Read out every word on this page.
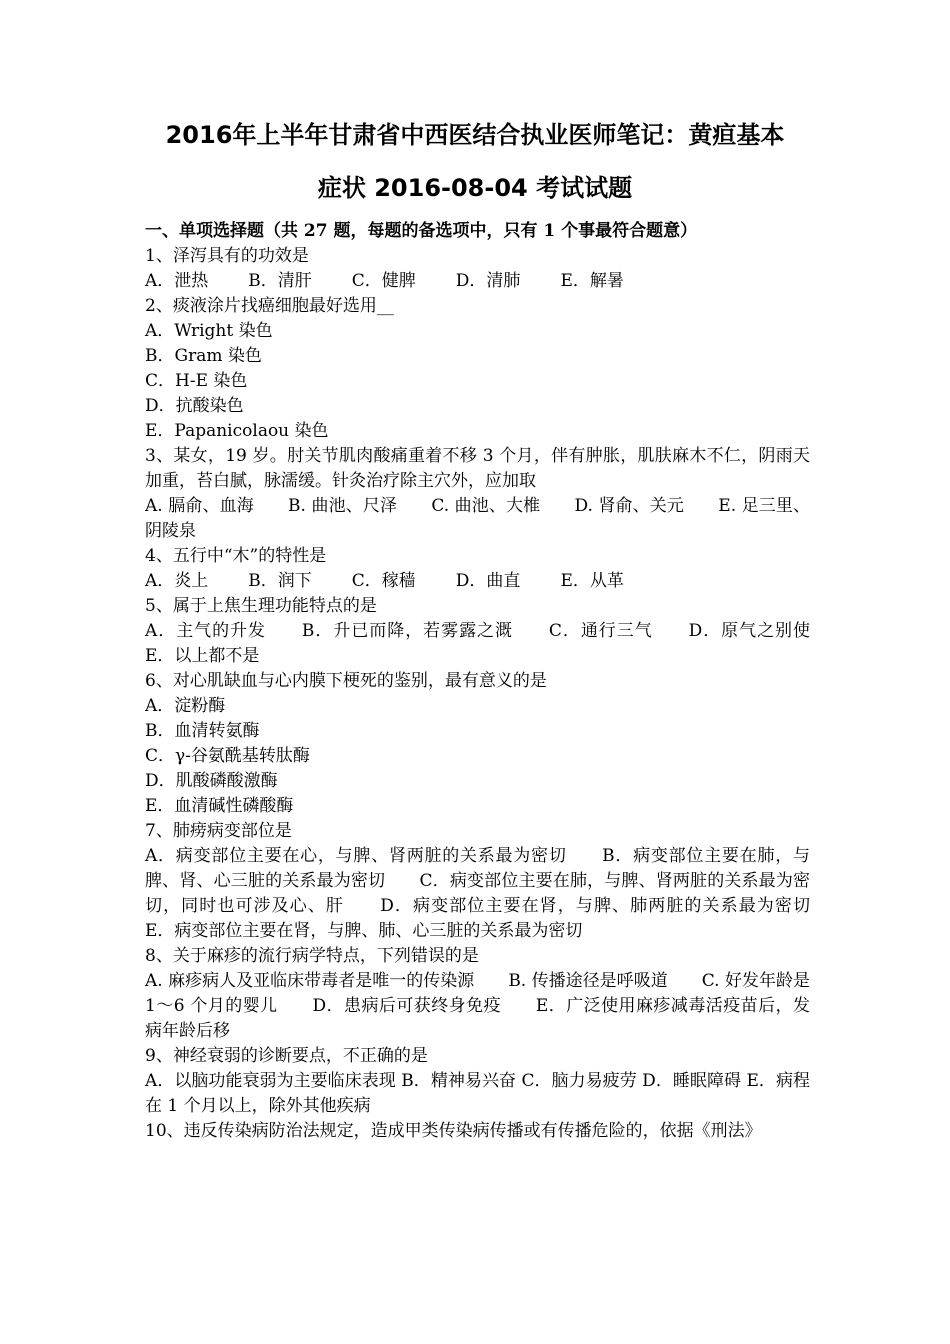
2016年上半年甘肃省中西医结合执业医师笔记：黄疸基本
症状 2016-08-04 考试试题
一、单项选择题（共 27 题，每题的备选项中，只有 1 个事最符合题意）
1、泽泻具有的功效是
A．泄热 B．清肝 C．健脾 D．清肺 E．解暑
2、痰液涂片找癌细胞最好选用__
A．Wright 染色
B．Gram 染色
C．H-E 染色
D．抗酸染色
E．Papanicolaou 染色
3、某女，19 岁。肘关节肌肉酸痛重着不移 3 个月，伴有肿胀，肌肤麻木不仁，阴雨天加重，苔白腻，脉濡缓。针灸治疗除主穴外，应加取
A. 膈俞、血海　　B. 曲池、尺泽　　C. 曲池、大椎　　D. 肾俞、关元　　E. 足三里、阴陵泉
4、五行中“木”的特性是
A．炎上 B．润下 C．稼穑 D．曲直 E．从革
5、属于上焦生理功能特点的是
A．主气的升发　　B．升已而降，若雾露之溉　　C．通行三气　　D．原气之别使　　E．以上都不是
6、对心肌缺血与心内膜下梗死的鉴别，最有意义的是
A．淀粉酶
B．血清转氨酶
C．γ-谷氨酰基转肽酶
D．肌酸磷酸激酶
E．血清碱性磷酸酶
7、肺痨病变部位是
A．病变部位主要在心，与脾、肾两脏的关系最为密切　　B．病变部位主要在肺，与脾、肾、心三脏的关系最为密切　　C．病变部位主要在肺，与脾、肾两脏的关系最为密切，同时也可涉及心、肝　　D．病变部位主要在肾，与脾、肺两脏的关系最为密切　　E．病变部位主要在肾，与脾、肺、心三脏的关系最为密切
8、关于麻疹的流行病学特点，下列错误的是
A. 麻疹病人及亚临床带毒者是唯一的传染源　　B. 传播途径是呼吸道　　C. 好发年龄是 1～6 个月的婴儿　　D．患病后可获终身免疫　　E．广泛使用麻疹减毒活疫苗后，发病年龄后移
9、神经衰弱的诊断要点，不正确的是
A．以脑功能衰弱为主要临床表现 B．精神易兴奋 C．脑力易疲劳 D．睡眠障碍 E．病程在 1 个月以上，除外其他疾病
10、违反传染病防治法规定，造成甲类传染病传播或有传播危险的，依据《刑法》
